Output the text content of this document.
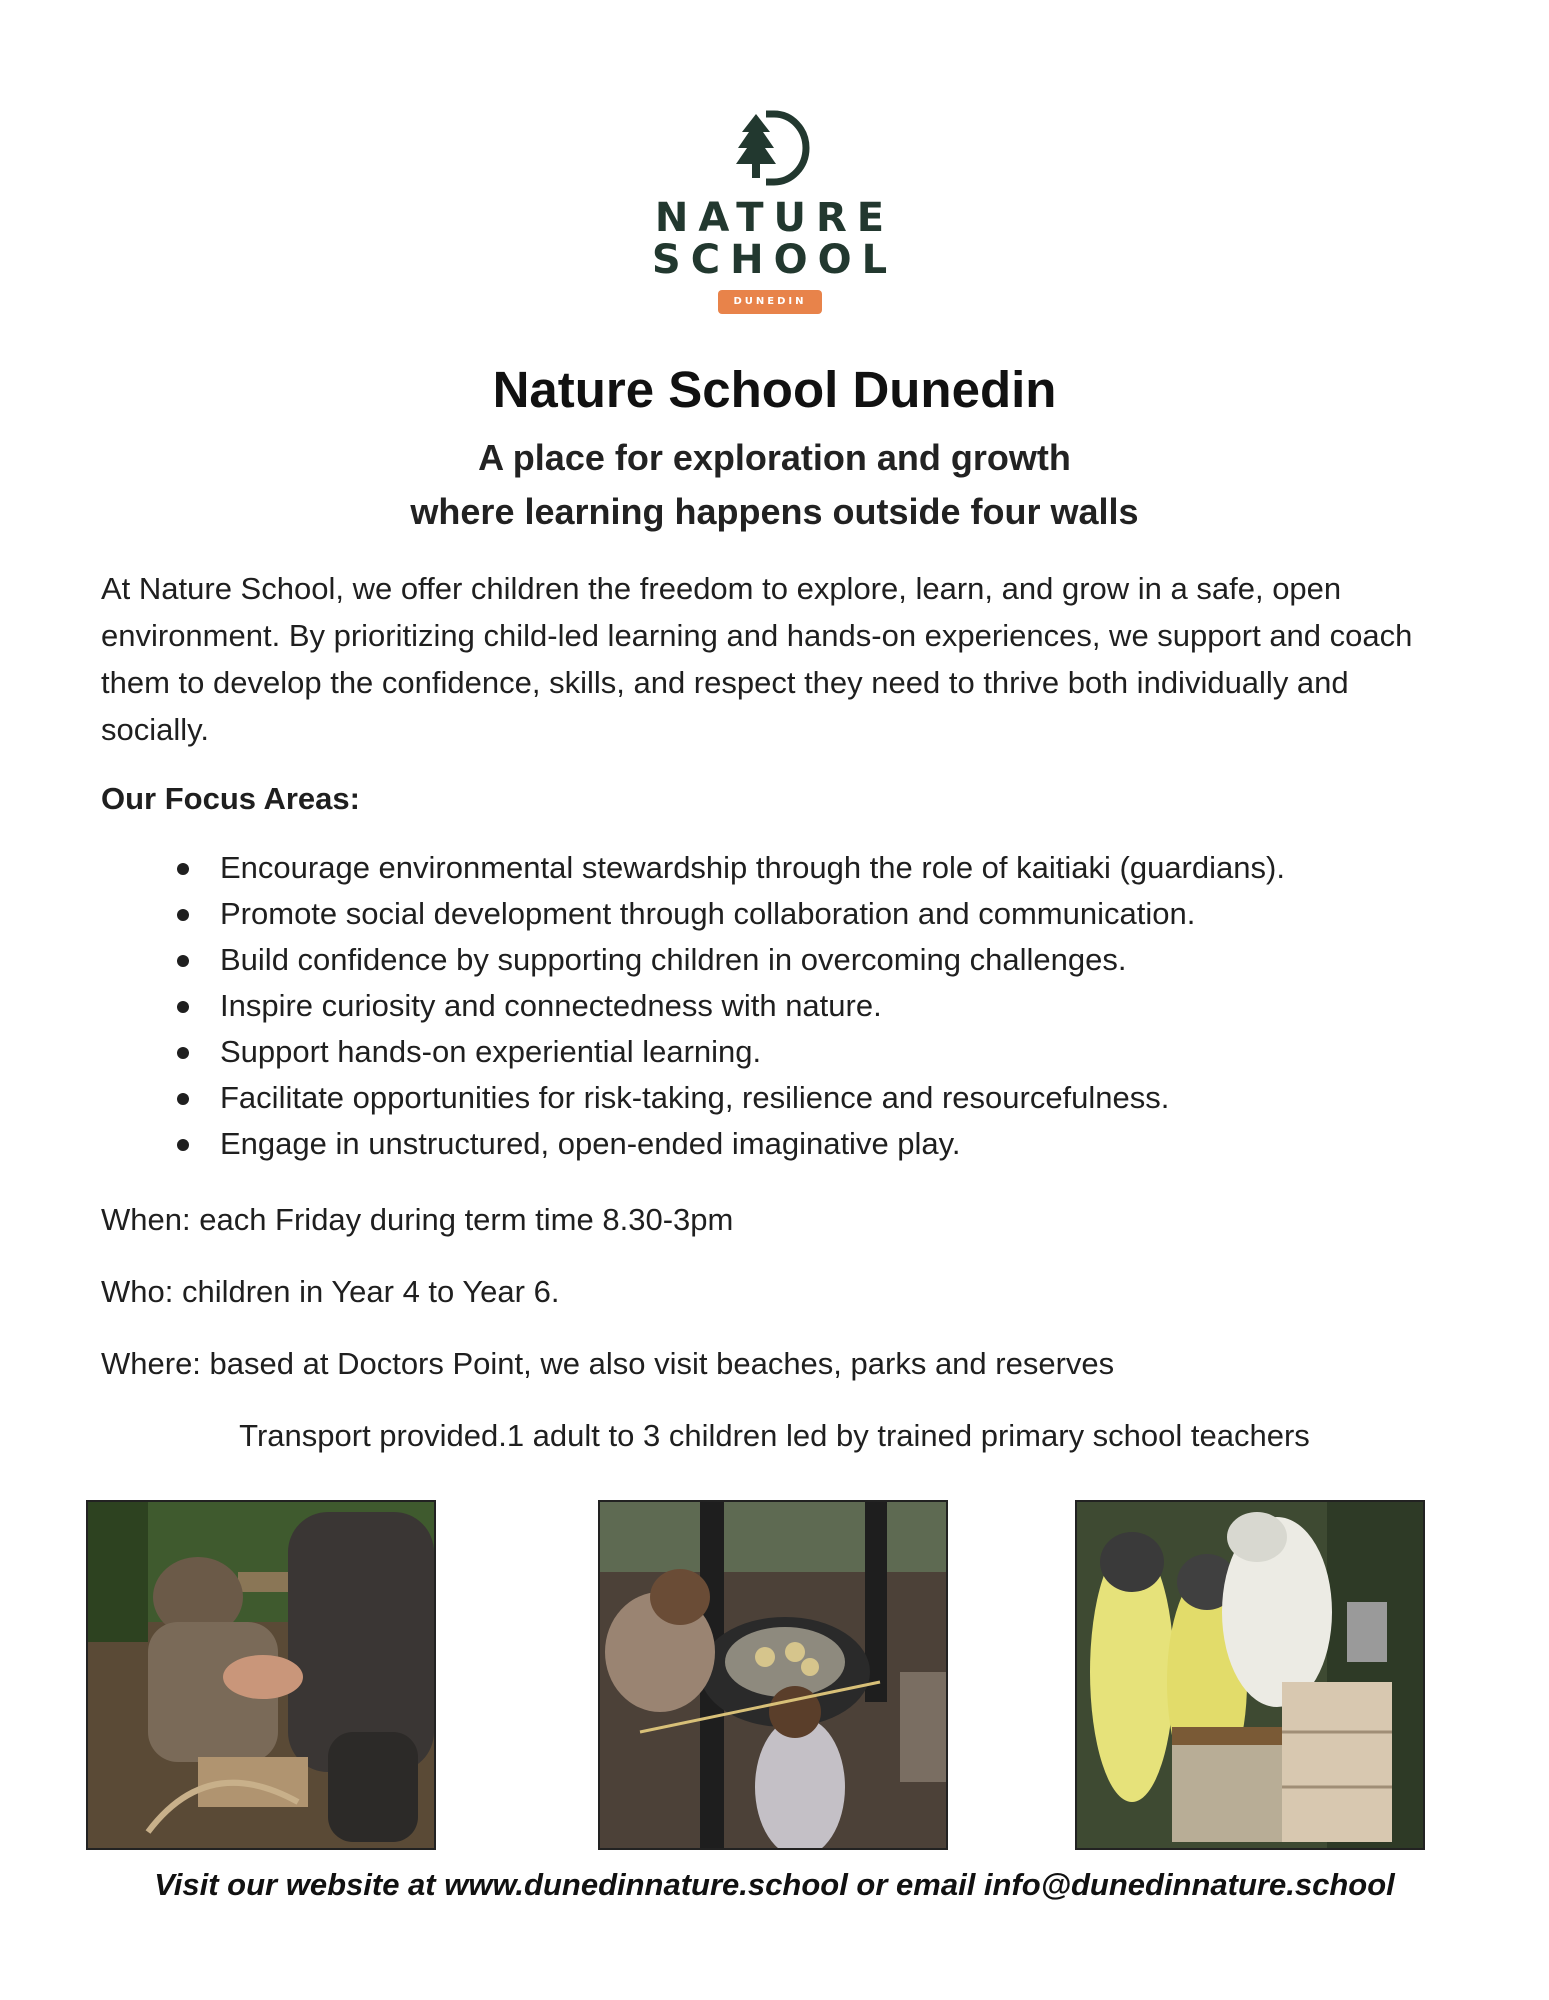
NATURE
SCHOOL
DUNEDIN
Nature School Dunedin
A place for exploration and growth
where learning happens outside four walls

At Nature School, we offer children the freedom to explore, learn, and grow in a safe, open environment. By prioritizing child-led learning and hands-on experiences, we support and coach them to develop the confidence, skills, and respect they need to thrive both individually and socially.

Our Focus Areas:
Encourage environmental stewardship through the role of kaitiaki (guardians).
Promote social development through collaboration and communication.
Build confidence by supporting children in overcoming challenges.
Inspire curiosity and connectedness with nature.
Support hands-on experiential learning.
Facilitate opportunities for risk-taking, resilience and resourcefulness.
Engage in unstructured, open-ended imaginative play.
When: each Friday during term time 8.30-3pm
Who: children in Year 4 to Year 6.
Where: based at Doctors Point, we also visit beaches, parks and reserves
Transport provided.1 adult to 3 children led by trained primary school teachers
Visit our website at www.dunedinnature.school or email info@dunedinnature.school
